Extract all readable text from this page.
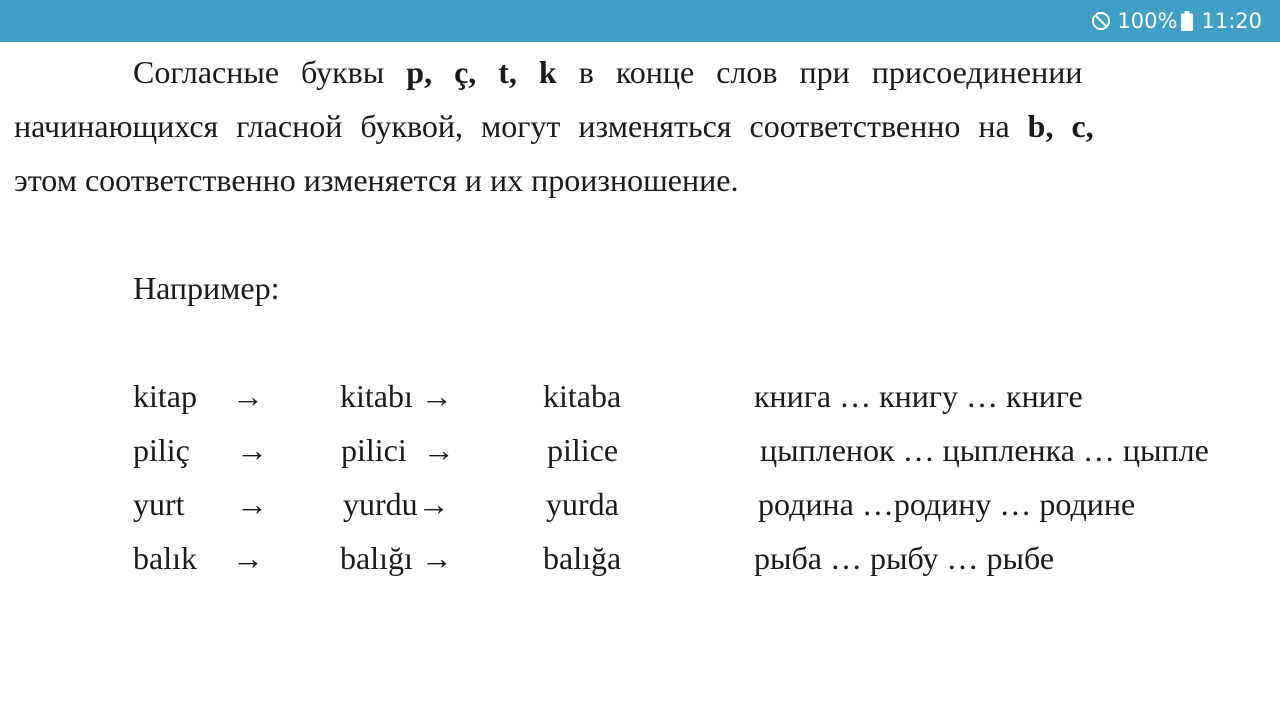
100% 11:20
Согласные буквы p, ç, t, k в конце слов при присоединении
начинающихся гласной буквой, могут изменяться соответственно на b, c,
этом соответственно изменяется и их произношение.
Например:
kitap → kitabı →	kitaba	книга … книгу … книге
piliç → pilici →	pilice	цыпленок … цыпленка … цыпле
yurt → yurdu→	yurda	родина …родину … родине
balık → balığı →	balığa	рыба … рыбу … рыбе
